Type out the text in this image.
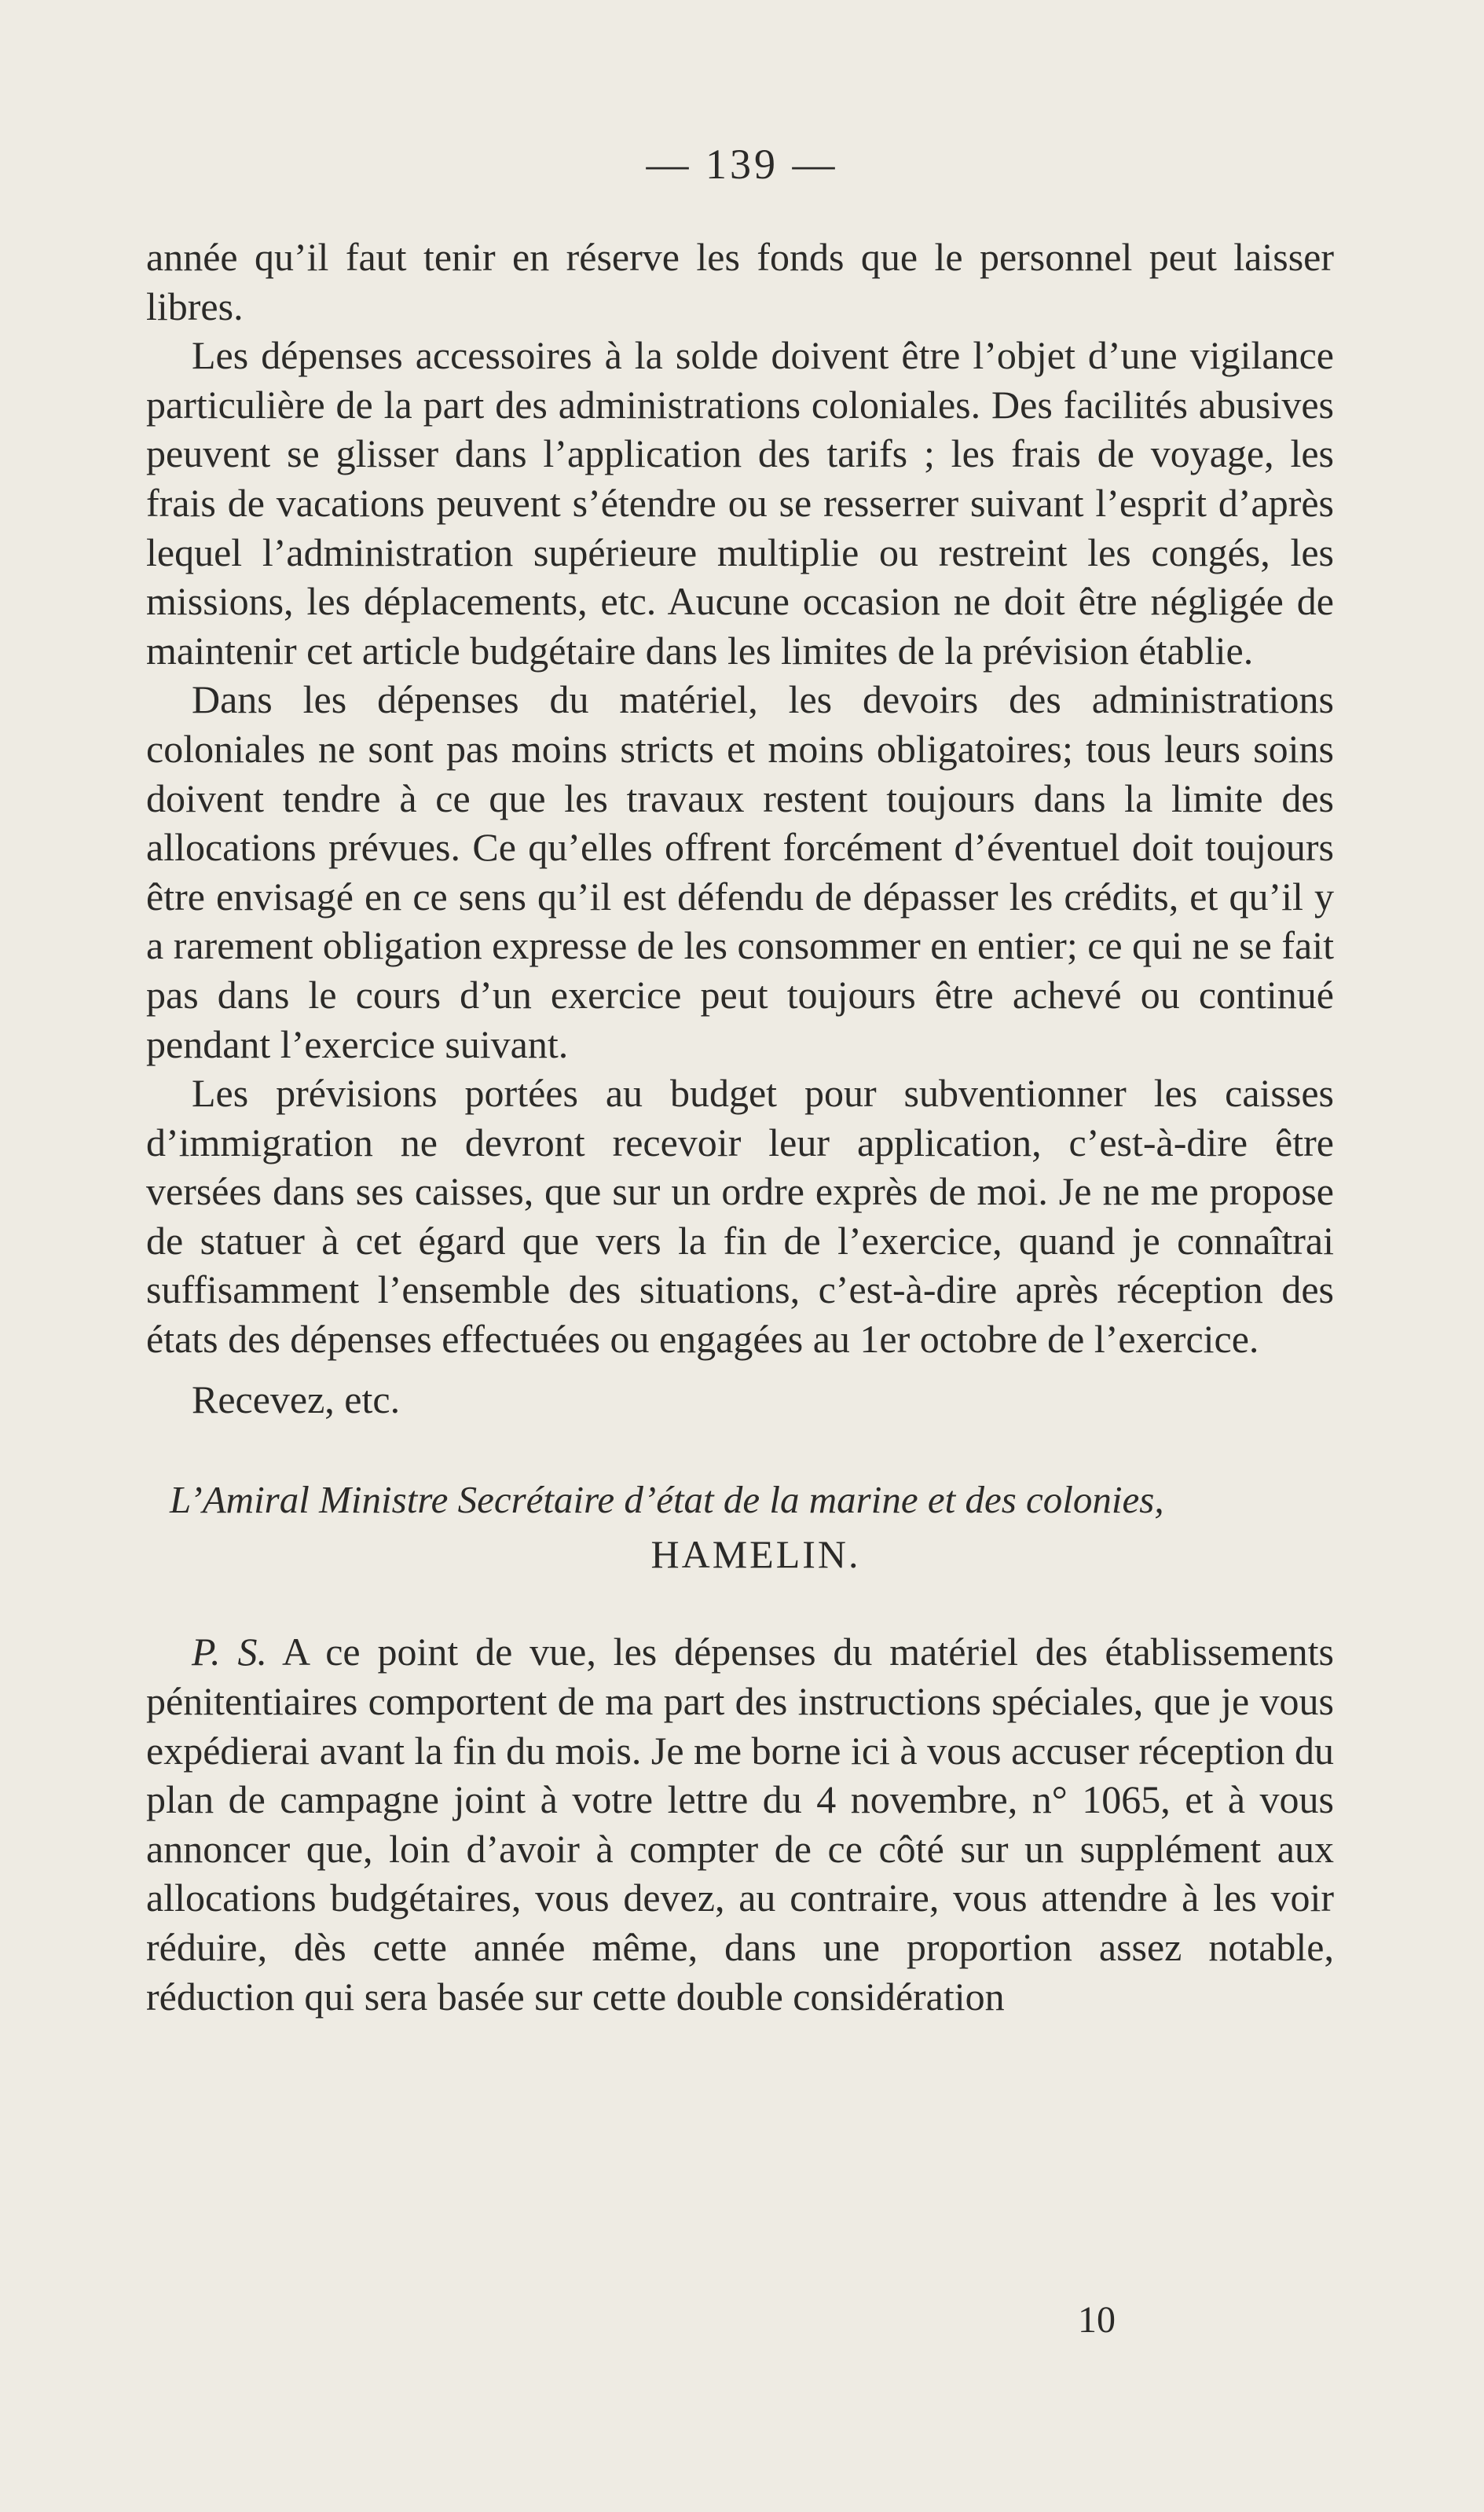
— 139 —

année qu’il faut tenir en réserve les fonds que le personnel peut laisser libres.

Les dépenses accessoires à la solde doivent être l’objet d’une vigilance particulière de la part des administrations coloniales. Des facilités abusives peuvent se glisser dans l’application des tarifs ; les frais de voyage, les frais de vacations peuvent s’étendre ou se resserrer suivant l’esprit d’après lequel l’administration supérieure multiplie ou restreint les congés, les missions, les déplacements, etc. Aucune occasion ne doit être négligée de maintenir cet article budgétaire dans les limites de la prévision établie.

Dans les dépenses du matériel, les devoirs des administrations coloniales ne sont pas moins stricts et moins obligatoires; tous leurs soins doivent tendre à ce que les travaux restent toujours dans la limite des allocations prévues. Ce qu’elles offrent forcément d’éventuel doit toujours être envisagé en ce sens qu’il est défendu de dépasser les crédits, et qu’il y a rarement obligation expresse de les consommer en entier; ce qui ne se fait pas dans le cours d’un exercice peut toujours être achevé ou continué pendant l’exercice suivant.

Les prévisions portées au budget pour subventionner les caisses d’immigration ne devront recevoir leur application, c’est-à-dire être versées dans ses caisses, que sur un ordre exprès de moi. Je ne me propose de statuer à cet égard que vers la fin de l’exercice, quand je connaîtrai suffisamment l’ensemble des situations, c’est-à-dire après réception des états des dépenses effectuées ou engagées au 1er octobre de l’exercice.

Recevez, etc.

L’Amiral Ministre Secrétaire d’état de la marine et des colonies,

HAMELIN.

P. S. A ce point de vue, les dépenses du matériel des établissements pénitentiaires comportent de ma part des instructions spéciales, que je vous expédierai avant la fin du mois. Je me borne ici à vous accuser réception du plan de campagne joint à votre lettre du 4 novembre, n° 1065, et à vous annoncer que, loin d’avoir à compter de ce côté sur un supplément aux allocations budgétaires, vous devez, au contraire, vous attendre à les voir réduire, dès cette année même, dans une proportion assez notable, réduction qui sera basée sur cette double considération

10
